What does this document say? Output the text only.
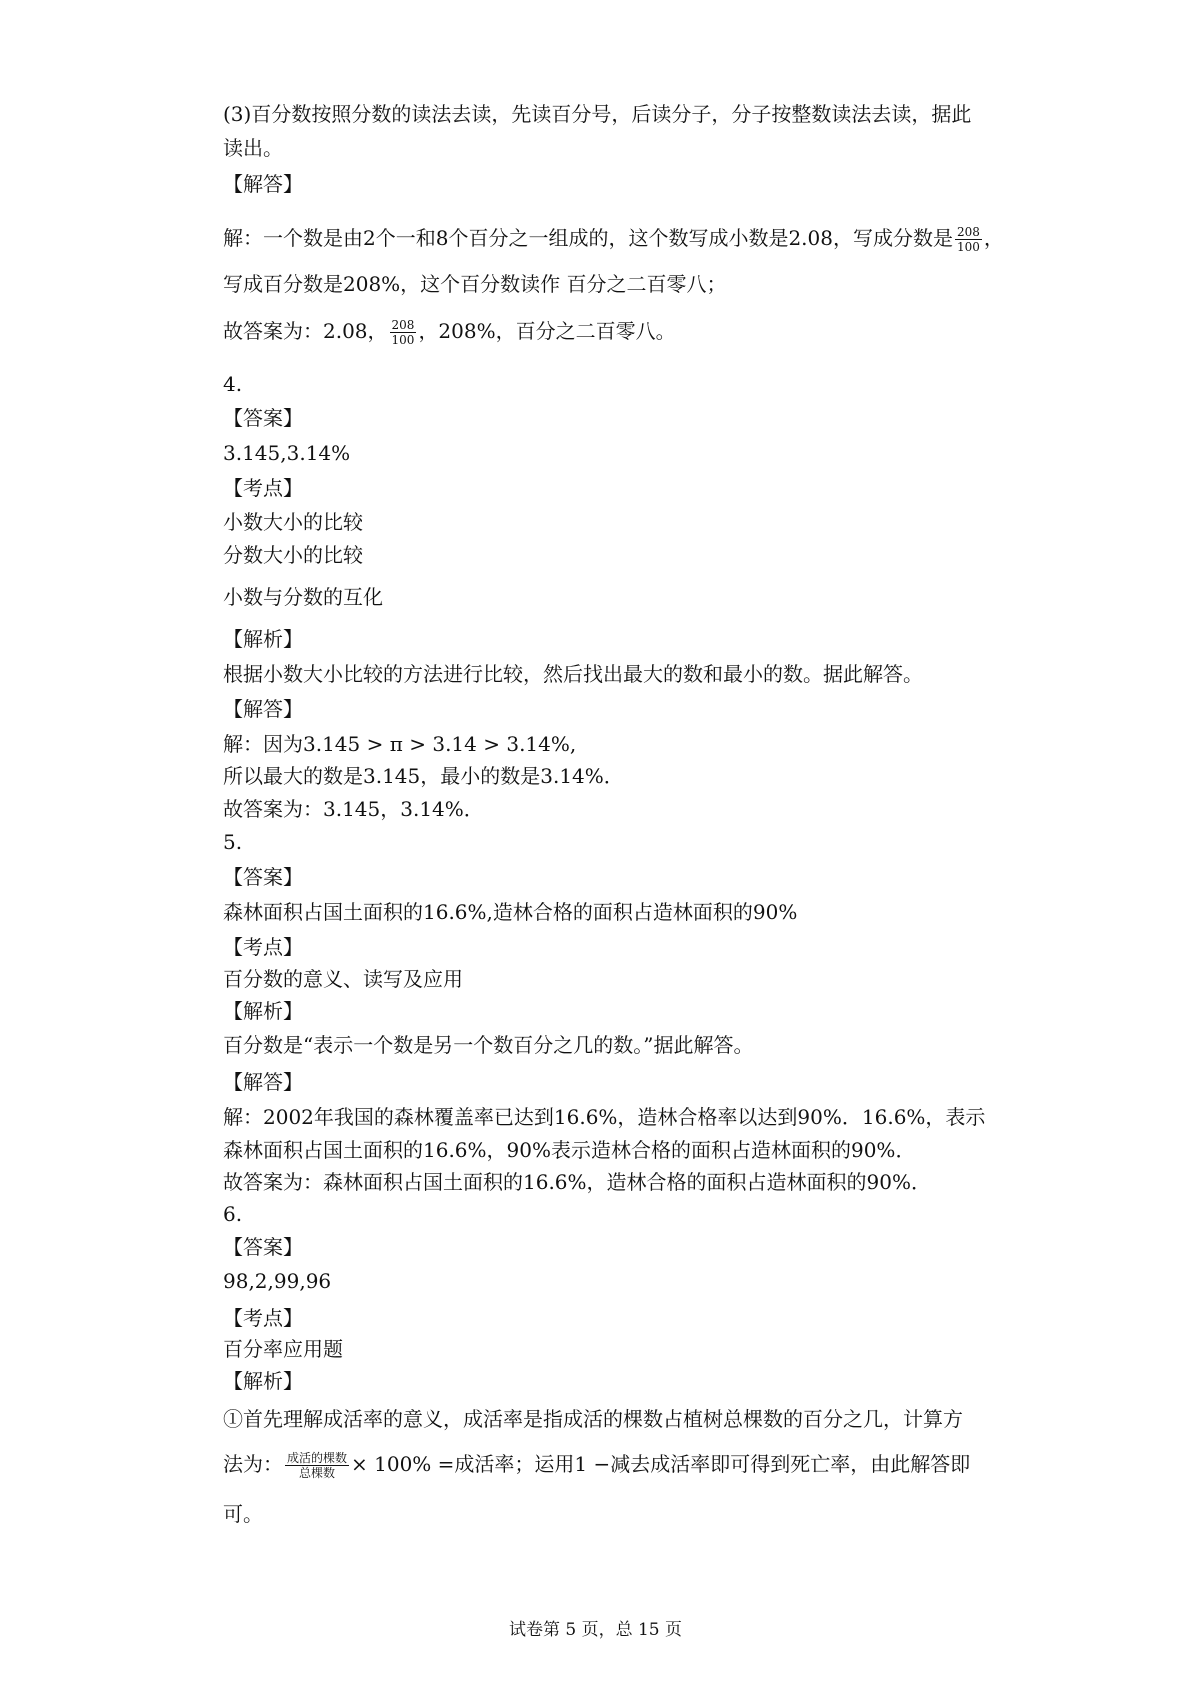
(3)百分数按照分数的读法去读，先读百分号，后读分子，分子按整数读法去读，据此
读出。
【解答】
解：一个数是由2个一和8个百分之一组成的，这个数写成小数是2.08，写成分数是 $\frac{208}{100}$ ，
写成百分数是208%，这个百分数读作 百分之二百零八；
故答案为：2.08， $\frac{208}{100}$ ，208%，百分之二百零八。
4.
【答案】
3.145,3.14%
【考点】
小数大小的比较
分数大小的比较
小数与分数的互化
【解析】
根据小数大小比较的方法进行比较，然后找出最大的数和最小的数。据此解答。
【解答】
解：因为3.145 > π > 3.14 > 3.14%,
所以最大的数是3.145，最小的数是3.14%．
故答案为：3.145，3.14%．
5.
【答案】
森林面积占国土面积的16.6%,造林合格的面积占造林面积的90%
【考点】
百分数的意义、读写及应用
【解析】
百分数是“表示一个数是另一个数百分之几的数。”据此解答。
【解答】
解：2002年我国的森林覆盖率已达到16.6%，造林合格率以达到90%．16.6%，表示
森林面积占国土面积的16.6%，90%表示造林合格的面积占造林面积的90%．
故答案为：森林面积占国土面积的16.6%，造林合格的面积占造林面积的90%．
6.
【答案】
98,2,99,96
【考点】
百分率应用题
【解析】
①首先理解成活率的意义，成活率是指成活的棵数占植树总棵数的百分之几，计算方
法为： $\frac{\text{成活的棵数}}{\text{总棵数}} \times 100\%$ =成活率；运用1 −减去成活率即可得到死亡率，由此解答即
可。
试卷第 5 页，总 15 页
